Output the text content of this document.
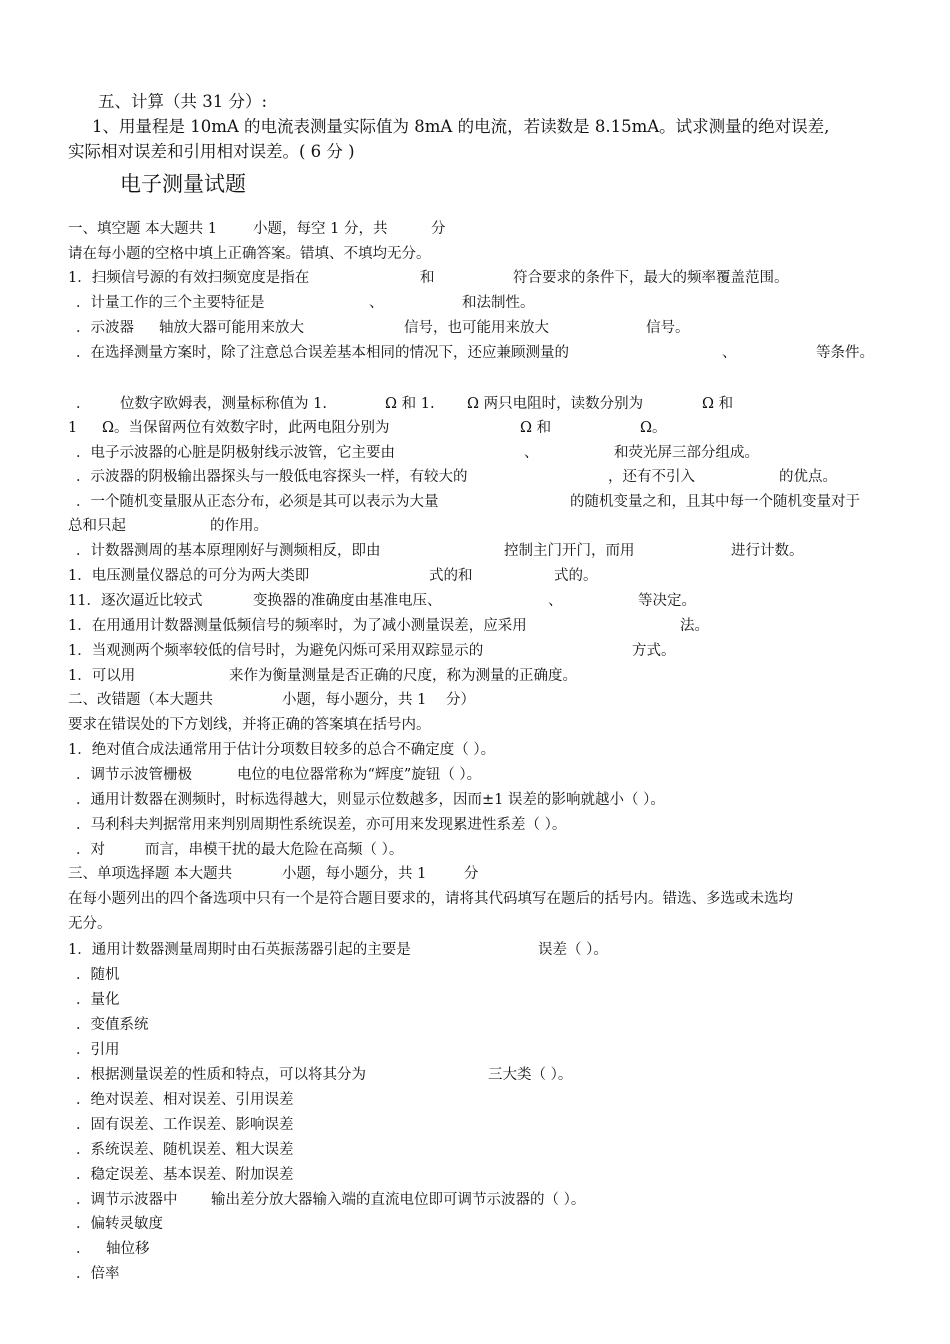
五、计算（共 31 分）:
1、用量程是 10mA 的电流表测量实际值为 8mA 的电流，若读数是 8.15mA。试求测量的绝对误差,
实际相对误差和引用相对误差。( 6 分 )
电子测量试题
一、填空题 本大题共 1 小题，每空 1 分，共	分
请在每小题的空格中填上正确答案。错填、不填均无分。
1．扫频信号源的有效扫频宽度是指在	和	符合要求的条件下，最大的频率覆盖范围。
．计量工作的三个主要特征是	、	和法制性。
．示波器 轴放大器可能用来放大	信号，也可能用来放大	信号。
．在选择测量方案时，除了注意总合误差基本相同的情况下，还应兼顾测量的	、	等条件。
． 位数字欧姆表，测量标称值为 1.	Ω 和 1. Ω 两只电阻时，读数分别为	Ω 和
1 Ω。当保留两位有效数字时，此两电阻分别为	Ω 和	Ω。
．电子示波器的心脏是阴极射线示波管，它主要由	、	和荧光屏三部分组成。
．示波器的阴极输出器探头与一般低电容探头一样，有较大的	，还有不引入	的优点。
．一个随机变量服从正态分布，必须是其可以表示为大量	的随机变量之和，且其中每一个随机变量对于
总和只起	的作用。
．计数器测周的基本原理刚好与测频相反，即由	控制主门开门，而用	进行计数。
1．电压测量仪器总的可分为两大类即	式的和	式的。
11．逐次逼近比较式	变换器的准确度由基准电压、	、	等决定。
1．在用通用计数器测量低频信号的频率时，为了减小测量误差，应采用	法。
1．当观测两个频率较低的信号时，为避免闪烁可采用双踪显示的	方式。
1．可以用	来作为衡量测量是否正确的尺度，称为测量的正确度。
二、改错题（本大题共	小题，每小题 分，共 1 分）
要求在错误处的下方划线，并将正确的答案填在括号内。
1．绝对值合成法通常用于估计分项数目较多的总合不确定度（ ）。
．调节示波管栅极	电位的电位器常称为“辉度”旋钮（ ）。
．通用计数器在测频时，时标选得越大，则显示位数越多，因而±1 误差的影响就越小（ ）。
．马利科夫判据常用来判别周期性系统误差，亦可用来发现累进性系差（ ）。
．对	而言，串模干扰的最大危险在高频（ ）。
三、单项选择题 本大题共	小题，每小题 分，共 1	分
在每小题列出的四个备选项中只有一个是符合题目要求的，请将其代码填写在题后的括号内。错选、多选或未选均
无分。
1．通用计数器测量周期时由石英振荡器引起的主要是	误差（ ）。
．随机
．量化
．变值系统
．引用
．根据测量误差的性质和特点，可以将其分为	三大类（ ）。
．绝对误差、相对误差、引用误差
．固有误差、工作误差、影响误差
．系统误差、随机误差、粗大误差
．稳定误差、基本误差、附加误差
．调节示波器中 输出差分放大器输入端的直流电位即可调节示波器的（ ）。
．偏转灵敏度
． 轴位移
．倍率
